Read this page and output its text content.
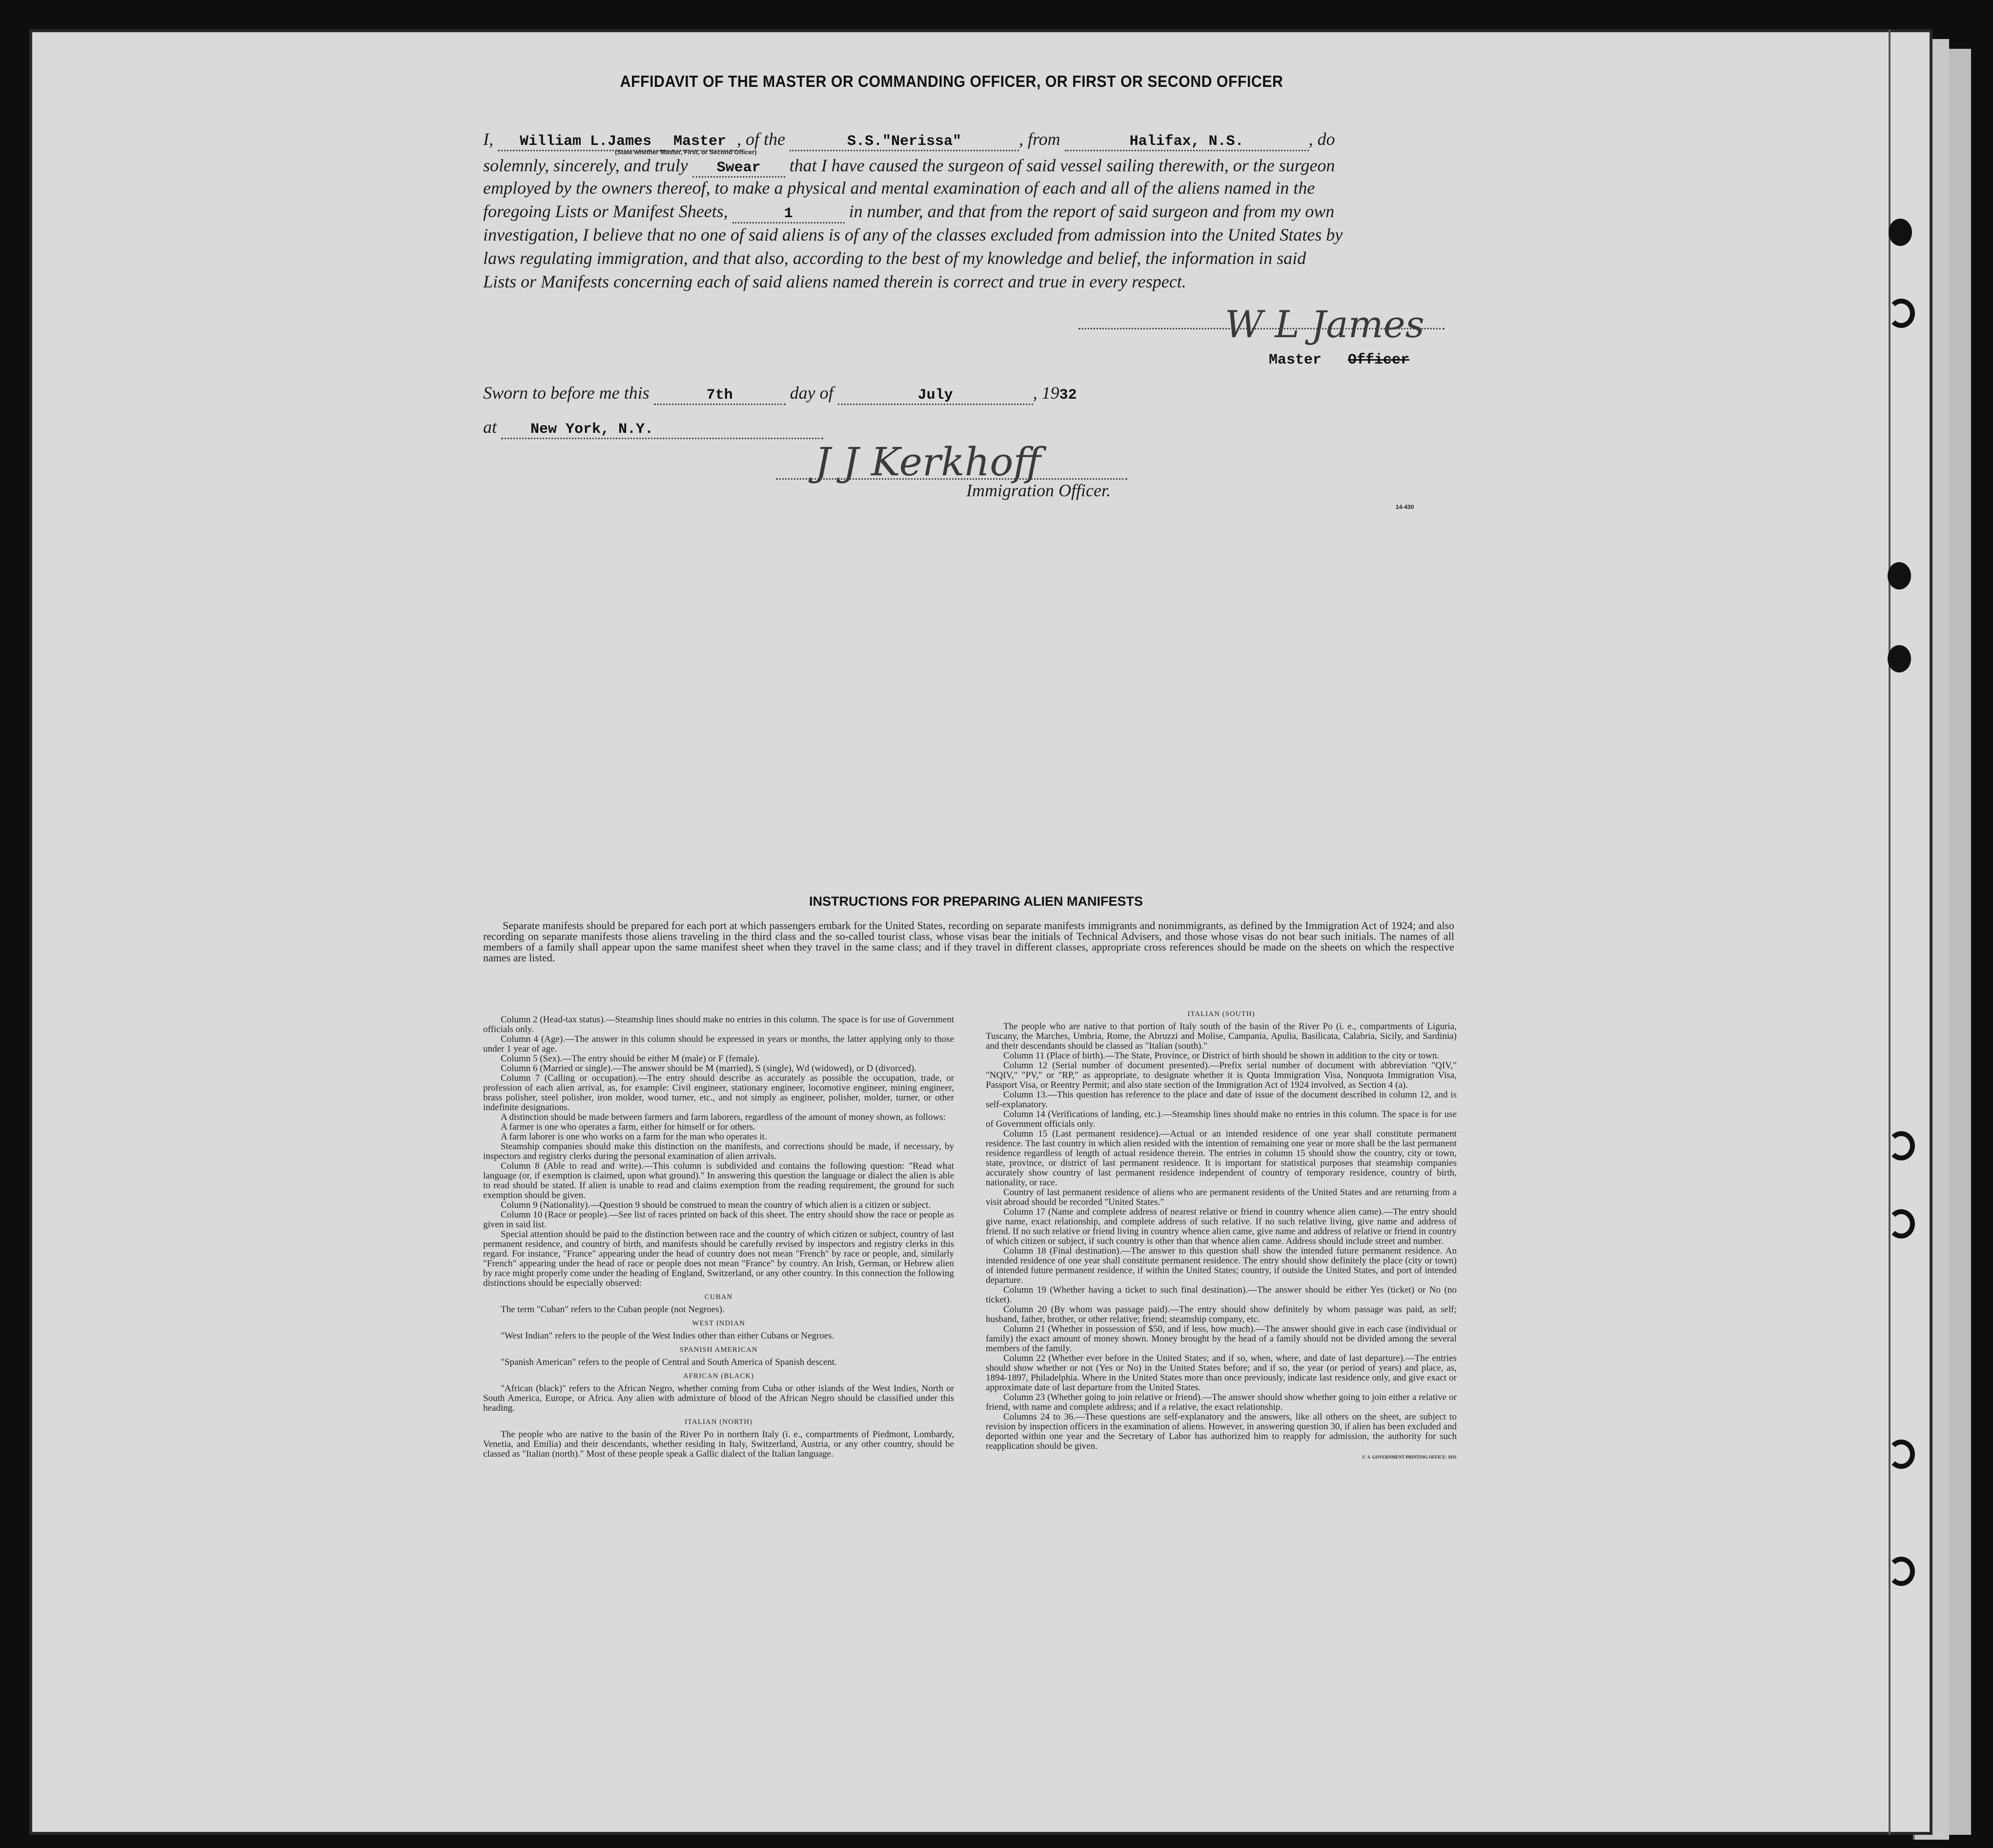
AFFIDAVIT OF THE MASTER OR COMMANDING OFFICER, OR FIRST OR SECOND OFFICER
I, William L.James Master , of the	S.S."Nerissa"	, from	Halifax, N.S.	, do
(State whether Master, First, or Second Officer)
solemnly, sincerely, and truly Swear that I have caused the surgeon of said vessel sailing therewith, or the surgeon
employed by the owners thereof, to make a physical and mental examination of each and all of the aliens named in the
foregoing Lists or Manifest Sheets,	1	in number, and that from the report of said surgeon and from my own
investigation, I believe that no one of said aliens is of any of the classes excluded from admission into the United States by
laws regulating immigration, and that also, according to the best of my knowledge and belief, the information in said
Lists or Manifests concerning each of said aliens named therein is correct and true in every respect.
W L James
Master Officer
Sworn to before me this	7th	day of	July	, 1932
at New York, N.Y.
J J Kerkhoff
Immigration Officer.
14-430
INSTRUCTIONS FOR PREPARING ALIEN MANIFESTS
Separate manifests should be prepared for each port at which passengers embark for the United States, recording on separate manifests immigrants and nonimmigrants, as defined by the Immigration Act of 1924; and also recording on separate manifests those aliens traveling in the third class and the so-called tourist class, whose visas bear the initials of Technical Advisers, and those whose visas do not bear such initials. The names of all members of a family shall appear upon the same manifest sheet when they travel in the same class; and if they travel in different classes, appropriate cross references should be made on the sheets on which the respective names are listed.

Column 2 (Head-tax status).—Steamship lines should make no entries in this column. The space is for use of Government officials only.

Column 4 (Age).—The answer in this column should be expressed in years or months, the latter applying only to those under 1 year of age.

Column 5 (Sex).—The entry should be either M (male) or F (female).

Column 6 (Married or single).—The answer should be M (married), S (single), Wd (widowed), or D (divorced).

Column 7 (Calling or occupation).—The entry should describe as accurately as possible the occupation, trade, or profession of each alien arrival, as, for example: Civil engineer, stationary engineer, locomotive engineer, mining engineer, brass polisher, steel polisher, iron molder, wood turner, etc., and not simply as engineer, polisher, molder, turner, or other indefinite designations.

A distinction should be made between farmers and farm laborers, regardless of the amount of money shown, as follows:

A farmer is one who operates a farm, either for himself or for others.

A farm laborer is one who works on a farm for the man who operates it.

Steamship companies should make this distinction on the manifests, and corrections should be made, if necessary, by inspectors and registry clerks during the personal examination of alien arrivals.

Column 8 (Able to read and write).—This column is subdivided and contains the following question: "Read what language (or, if exemption is claimed, upon what ground)." In answering this question the language or dialect the alien is able to read should be stated. If alien is unable to read and claims exemption from the reading requirement, the ground for such exemption should be given.

Column 9 (Nationality).—Question 9 should be construed to mean the country of which alien is a citizen or subject.

Column 10 (Race or people).—See list of races printed on back of this sheet. The entry should show the race or people as given in said list.

Special attention should be paid to the distinction between race and the country of which citizen or subject, country of last permanent residence, and country of birth, and manifests should be carefully revised by inspectors and registry clerks in this regard. For instance, "France" appearing under the head of country does not mean "French" by race or people, and, similarly "French" appearing under the head of race or people does not mean "France" by country. An Irish, German, or Hebrew alien by race might properly come under the heading of England, Switzerland, or any other country. In this connection the following distinctions should be especially observed:

CUBAN

The term "Cuban" refers to the Cuban people (not Negroes).

WEST INDIAN

"West Indian" refers to the people of the West Indies other than either Cubans or Negroes.

SPANISH AMERICAN

"Spanish American" refers to the people of Central and South America of Spanish descent.

AFRICAN (BLACK)

"African (black)" refers to the African Negro, whether coming from Cuba or other islands of the West Indies, North or South America, Europe, or Africa. Any alien with admixture of blood of the African Negro should be classified under this heading.

ITALIAN (NORTH)

The people who are native to the basin of the River Po in northern Italy (i. e., compartments of Piedmont, Lombardy, Venetia, and Emilia) and their descendants, whether residing in Italy, Switzerland, Austria, or any other country, should be classed as "Italian (north)." Most of these people speak a Gallic dialect of the Italian language.

ITALIAN (SOUTH)

The people who are native to that portion of Italy south of the basin of the River Po (i. e., compartments of Liguria, Tuscany, the Marches, Umbria, Rome, the Abruzzi and Molise, Campania, Apulia, Basilicata, Calabria, Sicily, and Sardinia) and their descendants should be classed as "Italian (south)."

Column 11 (Place of birth).—The State, Province, or District of birth should be shown in addition to the city or town.

Column 12 (Serial number of document presented).—Prefix serial number of document with abbreviation "QIV," "NQIV," "PV," or "RP," as appropriate, to designate whether it is Quota Immigration Visa, Nonquota Immigration Visa, Passport Visa, or Reentry Permit; and also state section of the Immigration Act of 1924 involved, as Section 4 (a).

Column 13.—This question has reference to the place and date of issue of the document described in column 12, and is self-explanatory.

Column 14 (Verifications of landing, etc.).—Steamship lines should make no entries in this column. The space is for use of Government officials only.

Column 15 (Last permanent residence).—Actual or an intended residence of one year shall constitute permanent residence. The last country in which alien resided with the intention of remaining one year or more shall be the last permanent residence regardless of length of actual residence therein. The entries in column 15 should show the country, city or town, state, province, or district of last permanent residence. It is important for statistical purposes that steamship companies accurately show country of last permanent residence independent of country of temporary residence, country of birth, nationality, or race.

Country of last permanent residence of aliens who are permanent residents of the United States and are returning from a visit abroad should be recorded "United States."

Column 17 (Name and complete address of nearest relative or friend in country whence alien came).—The entry should give name, exact relationship, and complete address of such relative. If no such relative living, give name and address of friend. If no such relative or friend living in country whence alien came, give name and address of relative or friend in country of which citizen or subject, if such country is other than that whence alien came. Address should include street and number.

Column 18 (Final destination).—The answer to this question shall show the intended future permanent residence. An intended residence of one year shall constitute permanent residence. The entry should show definitely the place (city or town) of intended future permanent residence, if within the United States; country, if outside the United States, and port of intended departure.

Column 19 (Whether having a ticket to such final destination).—The answer should be either Yes (ticket) or No (no ticket).

Column 20 (By whom was passage paid).—The entry should show definitely by whom passage was paid, as self; husband, father, brother, or other relative; friend; steamship company, etc.

Column 21 (Whether in possession of $50, and if less, how much).—The answer should give in each case (individual or family) the exact amount of money shown. Money brought by the head of a family should not be divided among the several members of the family.

Column 22 (Whether ever before in the United States; and if so, when, where, and date of last departure).—The entries should show whether or not (Yes or No) in the United States before; and if so, the year (or period of years) and place, as, 1894-1897, Philadelphia. Where in the United States more than once previously, indicate last residence only, and give exact or approximate date of last departure from the United States.

Column 23 (Whether going to join relative or friend).—The answer should show whether going to join either a relative or friend, with name and complete address; and if a relative, the exact relationship.

Columns 24 to 36.—These questions are self-explanatory and the answers, like all others on the sheet, are subject to revision by inspection officers in the examination of aliens. However, in answering question 30, if alien has been excluded and deported within one year and the Secretary of Labor has authorized him to reapply for admission, the authority for such reapplication should be given.

U. S. GOVERNMENT PRINTING OFFICE: 1931
